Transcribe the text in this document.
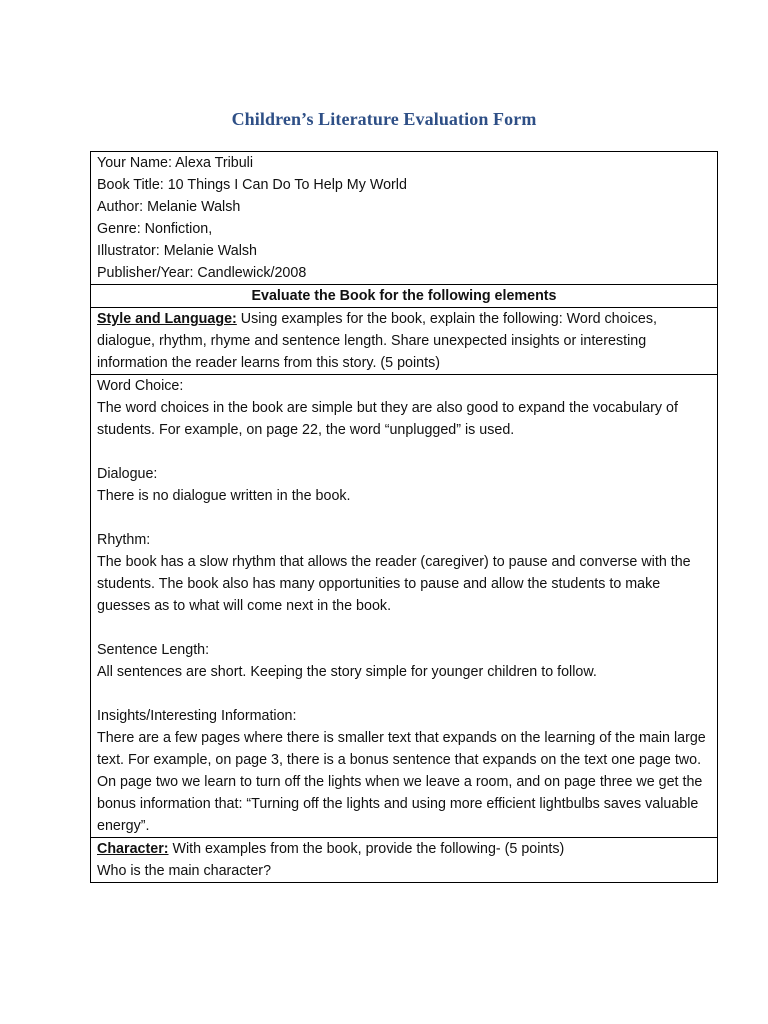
Children’s Literature Evaluation Form
Your Name: Alexa Tribuli
Book Title: 10 Things I Can Do To Help My World
Author: Melanie Walsh
Genre: Nonfiction,
Illustrator: Melanie Walsh
Publisher/Year: Candlewick/2008

Evaluate the Book for the following elements
Style and Language: Using examples for the book, explain the following: Word choices, dialogue, rhythm, rhyme and sentence length. Share unexpected insights or interesting information the reader learns from this story. (5 points)

Word Choice:
The word choices in the book are simple but they are also good to expand the vocabulary of students. For example, on page 22, the word “unplugged” is used.
Dialogue:
There is no dialogue written in the book.
Rhythm:
The book has a slow rhythm that allows the reader (caregiver) to pause and converse with the students. The book also has many opportunities to pause and allow the students to make guesses as to what will come next in the book.
Sentence Length:
All sentences are short. Keeping the story simple for younger children to follow.
Insights/Interesting Information:
There are a few pages where there is smaller text that expands on the learning of the main large text. For example, on page 3, there is a bonus sentence that expands on the text one page two. On page two we learn to turn off the lights when we leave a room, and on page three we get the bonus information that: “Turning off the lights and using more efficient lightbulbs saves valuable energy”.

Character: With examples from the book, provide the following- (5 points)
Who is the main character?
